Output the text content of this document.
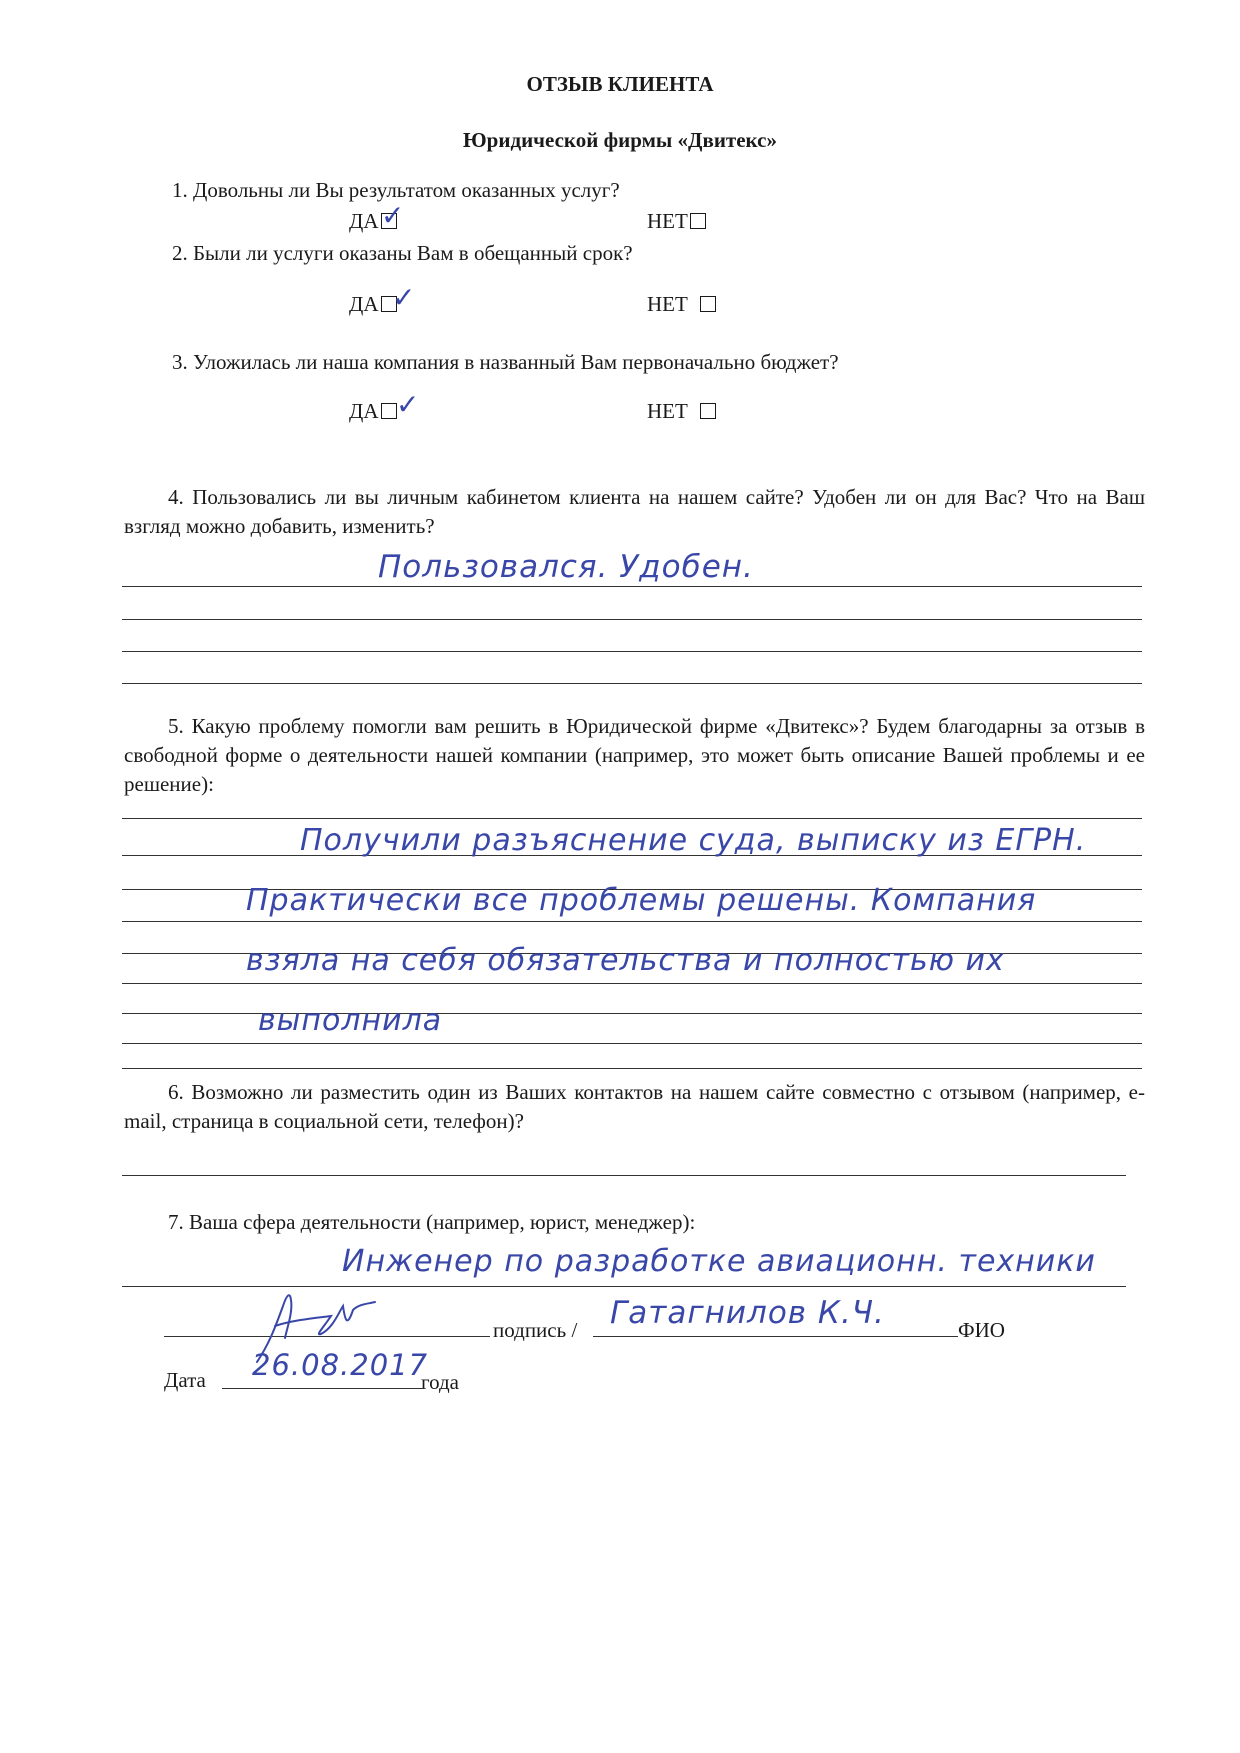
ОТЗЫВ КЛИЕНТА
Юридической фирмы «Двитекс»
1. Довольны ли Вы результатом оказанных услуг?
ДА ✓	НЕТ
2. Были ли услуги оказаны Вам в обещанный срок?
ДА ✓	НЕТ
3. Уложилась ли наша компания в названный Вам первоначально бюджет?
ДА ✓	НЕТ
4. Пользовались ли вы личным кабинетом клиента на нашем сайте? Удобен ли он для Вас? Что на Ваш взгляд можно добавить, изменить?
Пользовался. Удобен.
5. Какую проблему помогли вам решить в Юридической фирме «Двитекс»? Будем благодарны за отзыв в свободной форме о деятельности нашей компании (например, это может быть описание Вашей проблемы и ее решение):
Получили разъяснение суда, выписку из ЕГРН.
Практически все проблемы решены. Компания
взяла на себя обязательства и полностью их
выполнила
6. Возможно ли разместить один из Ваших контактов на нашем сайте совместно с отзывом (например, e-mail, страница в социальной сети, телефон)?
7. Ваша сфера деятельности (например, юрист, менеджер):
Инженер по разработке авиационн. техники
подпись / Гатагнилов К.Ч.	ФИО
Дата 26.08.2017
года
